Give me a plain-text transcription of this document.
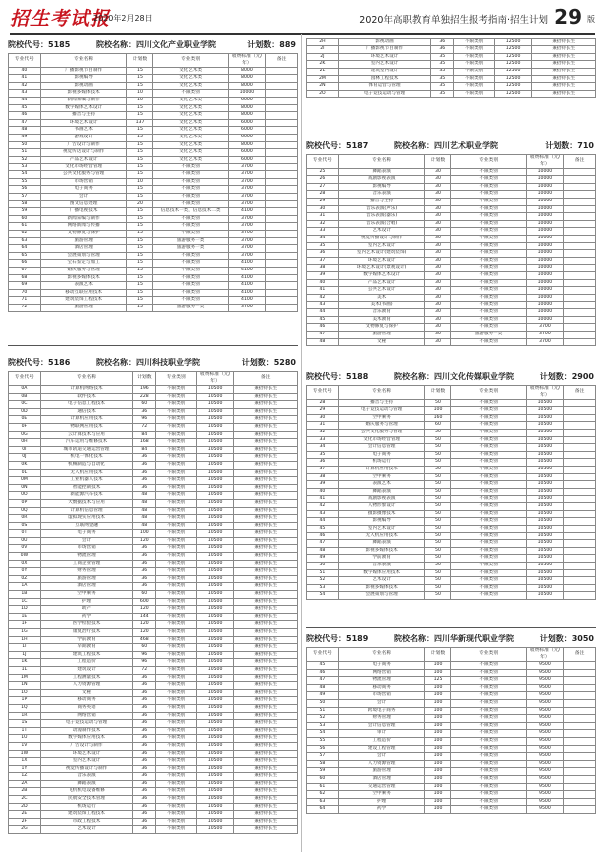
招生考试报
2020年2月28日	2020年高职教育单独招生报考指南·招生计划 29 版
院校代号：5185	院校名称：四川文化产业职业学院	计划数：889
专业代号	专业名称	计划数	专业类别	收费标准（元/年）	备注
40	广播影视节目制作	15	文化艺术类	8000	
41	影视编导	15	文化艺术类	8000	
42	影视动画	15	文化艺术类	8000	
43	影视多媒体技术	10	不限类别	10000	
44	新闻采编与制作	10	文化艺术类	6000	
45	数字媒体艺术设计	15	文化艺术类	8000	
46	播音与主持	15	文化艺术类	8000	
47	环境艺术设计	137	文化艺术类	6000	
48	书画艺术	15	文化艺术类	6000	
49	游戏设计	15	文化艺术类	6000	
50	广告设计与制作	15	文化艺术类	8000	
51	视觉传达设计与制作	15	文化艺术类	6000	
52	产品艺术设计	15	文化艺术类	6000	
53	文化市场经营管理	15	不限类别	3700	
54	公共文化服务与管理	15	不限类别	3700	
55	市场营销	10	不限类别	3700	
56	电子商务	15	不限类别	3700	
57	会计	15	不限类别	3700	
58	图文信息处理	20	不限类别	3700	
59	广播电视技术	15	信息技术一类，信息技术二类	4100	
60	新闻采编与制作	15	不限类别	3700	
61	网络新闻与传播	15	不限类别	3700	
62	文物修复与保护	15	不限类别	3700	
63	旅游管理	15	旅游服务一类	3700	
64	酒店管理	15	旅游服务一类	3700	
65	会展策划与管理	15	不限类别	3700	
66	宝石鉴定与加工	15	不限类别	4100	
67	婚庆服务与管理	15	不限类别	4100	
68	影视多媒体技术	15	不限类别	4100	
69	表演艺术	15	不限类别	4100	
70	移动互联应用技术	15	不限类别	4100	
71	建筑装饰工程技术	15	不限类别	4100	
72	旅游管理	15	旅游服务一类	3700	
院校代号：5186	院校名称：四川科技职业学院	计划数：5280
专业代号	专业名称	计划数	专业类别	收费标准（元/年）	备注
0A	计算机网络技术	196	不限类别	10500	兼招特长生
0B	软件技术	228	不限类别	10500	兼招特长生
0C	电子信息工程技术	60	不限类别	10500	兼招特长生
0D	通信技术	36	不限类别	10500	兼招特长生
0E	计算机应用技术	96	不限类别	10500	兼招特长生
0F	物联网应用技术	72	不限类别	10500	兼招特长生
0G	云计算技术与应用	84	不限类别	10500	兼招特长生
0H	汽车运用与维修技术	168	不限类别	10500	兼招特长生
0I	城市轨道交通运营管理	84	不限类别	10500	兼招特长生
0J	机电一体化技术	36	不限类别	10500	兼招特长生
0K	机械制造与自动化	36	不限类别	10500	兼招特长生
0L	无人机应用技术	36	不限类别	10500	兼招特长生
0M	工业机器人技术	36	不限类别	10500	兼招特长生
0N	智能控制技术	36	不限类别	10500	兼招特长生
0O	新能源汽车技术	48	不限类别	10500	兼招特长生
0P	大数据技术与应用	48	不限类别	10500	兼招特长生
0Q	计算机信息管理	48	不限类别	10500	兼招特长生
0R	虚拟现实应用技术	48	不限类别	10500	兼招特长生
0S	互联网金融	48	不限类别	10500	兼招特长生
0T	电子商务	100	不限类别	10500	兼招特长生
0U	会计	120	不限类别	10500	兼招特长生
0V	市场营销	36	不限类别	10500	兼招特长生
0W	物流管理	36	不限类别	10500	兼招特长生
0X	工商企业管理	36	不限类别	10500	兼招特长生
0Y	财务管理	36	不限类别	10500	兼招特长生
0Z	旅游管理	36	不限类别	10500	兼招特长生
1A	酒店管理	36	不限类别	10500	兼招特长生
1B	空中乘务	60	不限类别	10500	兼招特长生
1C	护理	600	不限类别	10500	兼招特长生
1D	助产	120	不限类别	10500	兼招特长生
1E	药学	144	不限类别	10500	兼招特长生
1F	医学检验技术	120	不限类别	10500	兼招特长生
1G	康复治疗技术	120	不限类别	10500	兼招特长生
1H	学前教育	468	不限类别	10500	兼招特长生
1I	早期教育	60	不限类别	10500	兼招特长生
1J	建筑工程技术	96	不限类别	10500	兼招特长生
1K	工程造价	96	不限类别	10500	兼招特长生
1L	建筑设计	72	不限类别	10500	兼招特长生
1M	工程测量技术	36	不限类别	10500	兼招特长生
1N	人力资源管理	36	不限类别	10500	兼招特长生
1O	文秘	36	不限类别	10500	兼招特长生
1P	移动商务	36	不限类别	10500	兼招特长生
1Q	商务英语	36	不限类别	10500	兼招特长生
1R	网络营销	36	不限类别	10500	兼招特长生
1S	电子竞技运动与管理	36	不限类别	10500	兼招特长生
1T	动漫制作技术	36	不限类别	10500	兼招特长生
1U	数字媒体应用技术	36	不限类别	10500	兼招特长生
1V	广告设计与制作	36	不限类别	10500	兼招特长生
1W	环境艺术设计	36	不限类别	10500	兼招特长生
1X	室内艺术设计	36	不限类别	10500	兼招特长生
1Y	视觉传播设计与制作	36	不限类别	10500	兼招特长生
1Z	音乐表演	36	不限类别	10500	兼招特长生
2A	舞蹈表演	36	不限类别	10500	兼招特长生
2B	飞机机电设备维修	36	不限类别	10500	兼招特长生
2C	民航安全技术管理	36	不限类别	10500	兼招特长生
2D	机场运行	36	不限类别	10500	兼招特长生
2E	建筑装饰工程技术	36	不限类别	10500	兼招特长生
2F	市政工程技术	36	不限类别	10500	兼招特长生
2G	艺术设计	36	不限类别	10500	兼招特长生
2H	影视动画	36	不限类别	12500	兼招特长生
2I	广播影视节目制作	36	不限类别	12500	兼招特长生
2J	环境艺术设计	35	不限类别	12500	兼招特长生
2K	室内艺术设计	35	不限类别	12500	兼招特长生
2L	建筑室内设计	35	不限类别	12500	兼招特长生
2M	园林工程技术	35	不限类别	12500	兼招特长生
2N	体育运营与管理	35	不限类别	12500	兼招特长生
2O	电子竞技运动与管理	35	不限类别	12500	兼招特长生
院校代号：5187	院校名称：四川艺术职业学院	计划数：710
专业代号	专业名称	计划数	专业类别	收费标准（元/年）	备注
25	舞蹈表演	30	不限类别	10000	
26	戏剧影视表演	30	不限类别	10000	
27	影视编导	30	不限类别	10000	
28	音乐表演	30	不限类别	10000	
29	播音与主持	30	不限类别	10000	
30	音乐表演(声乐)	30	不限类别	10000	
31	音乐表演(器乐)	30	不限类别	10000	
32	音乐表演(合唱)	30	不限类别	10000	
33	艺术设计	30	不限类别	10000	
34	视觉传播设计与制作	30	不限类别	10000	
35	室内艺术设计	30	不限类别	10000	
36	室内艺术设计(建筑装饰)	30	不限类别	10000	
37	环境艺术设计	30	不限类别	10000	
38	环境艺术设计(景观设计)	30	不限类别	10000	
39	数字媒体艺术设计	30	不限类别	10000	
40	产品艺术设计	30	不限类别	10000	
41	公共艺术设计	30	不限类别	10000	
42	美术	30	不限类别	10000	
43	美术(书画)	30	不限类别	10000	
44	音乐教育	30	不限类别	10000	
45	美术教育	30	不限类别	10000	
46	文物修复与保护	30	不限类别	3700	
47	旅游管理	30	旅游服务一类	3700	
48	文秘	30	不限类别	3700	
院校代号：5188	院校名称：四川文化传媒职业学院	计划数：2900
专业代号	专业名称	计划数	专业类别	收费标准（元/年）	备注
28	播音与主持	50	不限类别	10500	
29	电子竞技运动与管理	100	不限类别	10500	
30	空中乘务	160	不限类别	10500	
31	婚庆服务与管理	60	不限类别	10500	
32	公共文化服务与管理	50	不限类别	10500	
33	文化市场经营管理	50	不限类别	10500	
34	会计信息管理	50	不限类别	10500	
35	电子商务	50	不限类别	10500	
36	机场运行	50	不限类别	10500	
37	计算机应用技术	50	不限类别	10500	
38	空中乘务	50	不限类别	10500	
39	表演艺术	50	不限类别	10500	
40	舞蹈表演	50	不限类别	10500	
41	戏剧影视表演	50	不限类别	10500	
42	人物形象设计	50	不限类别	10500	
43	摄影摄像技术	50	不限类别	10500	
44	影视编导	50	不限类别	10500	
45	室内艺术设计	50	不限类别	10500	
46	无人机应用技术	50	不限类别	10500	
47	舞蹈表演	50	不限类别	10500	
48	影视多媒体技术	50	不限类别	10500	
49	学前教育	50	不限类别	10500	
50	音乐表演	50	不限类别	10500	
51	数字媒体应用技术	50	不限类别	10500	
52	艺术设计	50	不限类别	10500	
53	影视多媒体技术	50	不限类别	10500	
54	会展策划与管理	50	不限类别	10500	
院校代号：5189	院校名称：四川华新现代职业学院	计划数：3050
专业代号	专业名称	计划数	专业类别	收费标准（元/年）	备注
45	电子商务	100	不限类别	9500	
46	网络营销	100	不限类别	9500	
47	物流管理	125	不限类别	9500	
48	移动商务	100	不限类别	9500	
49	市场营销	100	不限类别	9500	
50	会计	100	不限类别	9500	
51	跨境电子商务	100	不限类别	9500	
52	财务管理	100	不限类别	9500	
53	会计信息管理	100	不限类别	9500	
54	审计	100	不限类别	9500	
55	工程造价	100	不限类别	9500	
56	建设工程管理	100	不限类别	9500	
57	会计	100	不限类别	9500	
58	人力资源管理	100	不限类别	9500	
59	旅游管理	100	不限类别	9500	
60	酒店管理	100	不限类别	9500	
61	交通运营管理	100	不限类别	9500	
62	空中乘务	100	不限类别	9500	
63	护理	100	不限类别	9500	
64	药学	100	不限类别	9500	
